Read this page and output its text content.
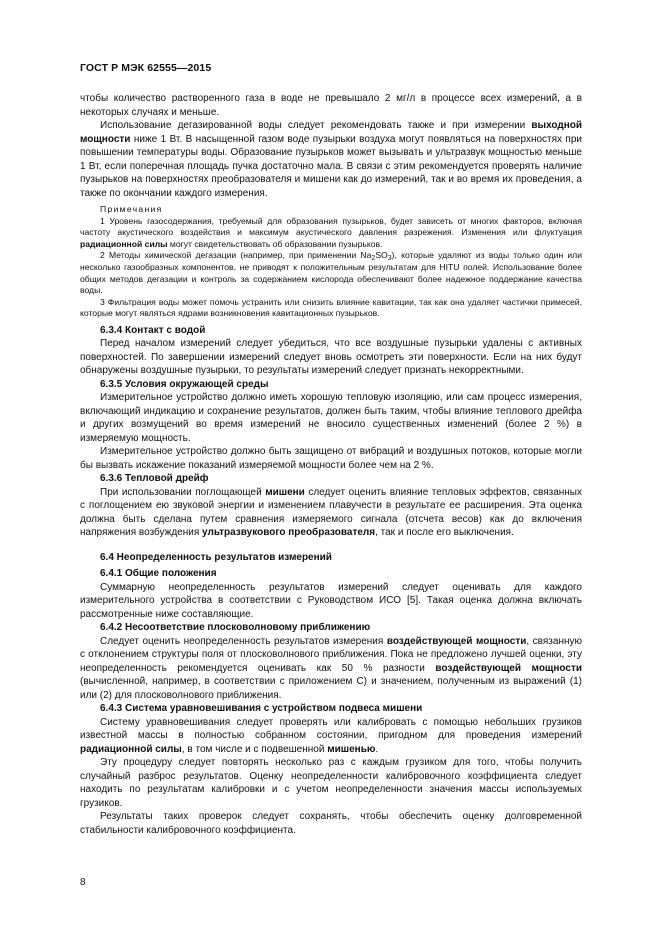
ГОСТ Р МЭК 62555—2015

чтобы количество растворенного газа в воде не превышало 2 мг/л в процессе всех измерений, а в некоторых случаях и меньше.

Использование дегазированной воды следует рекомендовать также и при измерении выходной мощности ниже 1 Вт. В насыщенной газом воде пузырьки воздуха могут появляться на поверхностях при повышении температуры воды. Образование пузырьков может вызывать и ультразвук мощностью меньше 1 Вт, если поперечная площадь пучка достаточно мала. В связи с этим рекомендуется проверять наличие пузырьков на поверхностях преобразователя и мишени как до измерений, так и во время их проведения, а также по окончании каждого измерения.

Примечания

1 Уровень газосодержания, требуемый для образования пузырьков, будет зависеть от многих факторов, включая частоту акустического воздействия и максимум акустического давления разрежения. Изменения или флуктуация радиационной силы могут свидетельствовать об образовании пузырьков.

2 Методы химической дегазации (например, при применении $Na_2SO_3$), которые удаляют из воды только один или несколько газообразных компонентов, не приводят к положительным результатам для HITU полей. Использование более общих методов дегазации и контроль за содержанием кислорода обеспечивают более надежное поддержание качества воды.

3 Фильтрация воды может помочь устранить или снизить влияние кавитации, так как она удаляет частички примесей, которые могут являться ядрами возникновения кавитационных пузырьков.

6.3.4 Контакт с водой

Перед началом измерений следует убедиться, что все воздушные пузырьки удалены с активных поверхностей. По завершении измерений следует вновь осмотреть эти поверхности. Если на них будут обнаружены воздушные пузырьки, то результаты измерений следует признать некорректными.

6.3.5 Условия окружающей среды

Измерительное устройство должно иметь хорошую тепловую изоляцию, или сам процесс измерения, включающий индикацию и сохранение результатов, должен быть таким, чтобы влияние теплового дрейфа и других возмущений во время измерений не вносило существенных изменений (более 2 %) в измеряемую мощность.

Измерительное устройство должно быть защищено от вибраций и воздушных потоков, которые могли бы вызвать искажение показаний измеряемой мощности более чем на 2 %.

6.3.6 Тепловой дрейф

При использовании поглощающей мишени следует оценить влияние тепловых эффектов, связанных с поглощением ею звуковой энергии и изменением плавучести в результате ее расширения. Эта оценка должна быть сделана путем сравнения измеряемого сигнала (отсчета весов) как до включения напряжения возбуждения ультразвукового преобразователя, так и после его выключения.

6.4 Неопределенность результатов измерений

6.4.1 Общие положения

Суммарную неопределенность результатов измерений следует оценивать для каждого измерительного устройства в соответствии с Руководством ИСО [5]. Такая оценка должна включать рассмотренные ниже составляющие.

6.4.2 Несоответствие плосковолновому приближению

Следует оценить неопределенность результатов измерения воздействующей мощности, связанную с отклонением структуры поля от плосковолнового приближения. Пока не предложено лучшей оценки, эту неопределенность рекомендуется оценивать как 50 % разности воздействующей мощности (вычисленной, например, в соответствии с приложением С) и значением, полученным из выражений (1) или (2) для плосковолнового приближения.

6.4.3 Система уравновешивания с устройством подвеса мишени

Систему уравновешивания следует проверять или калибровать с помощью небольших грузиков известной массы в полностью собранном состоянии, пригодном для проведения измерений радиационной силы, в том числе и с подвешенной мишенью.

Эту процедуру следует повторять несколько раз с каждым грузиком для того, чтобы получить случайный разброс результатов. Оценку неопределенности калибровочного коэффициента следует находить по результатам калибровки и с учетом неопределенности значения массы используемых грузиков.

Результаты таких проверок следует сохранять, чтобы обеспечить оценку долговременной стабильности калибровочного коэффициента.

8
